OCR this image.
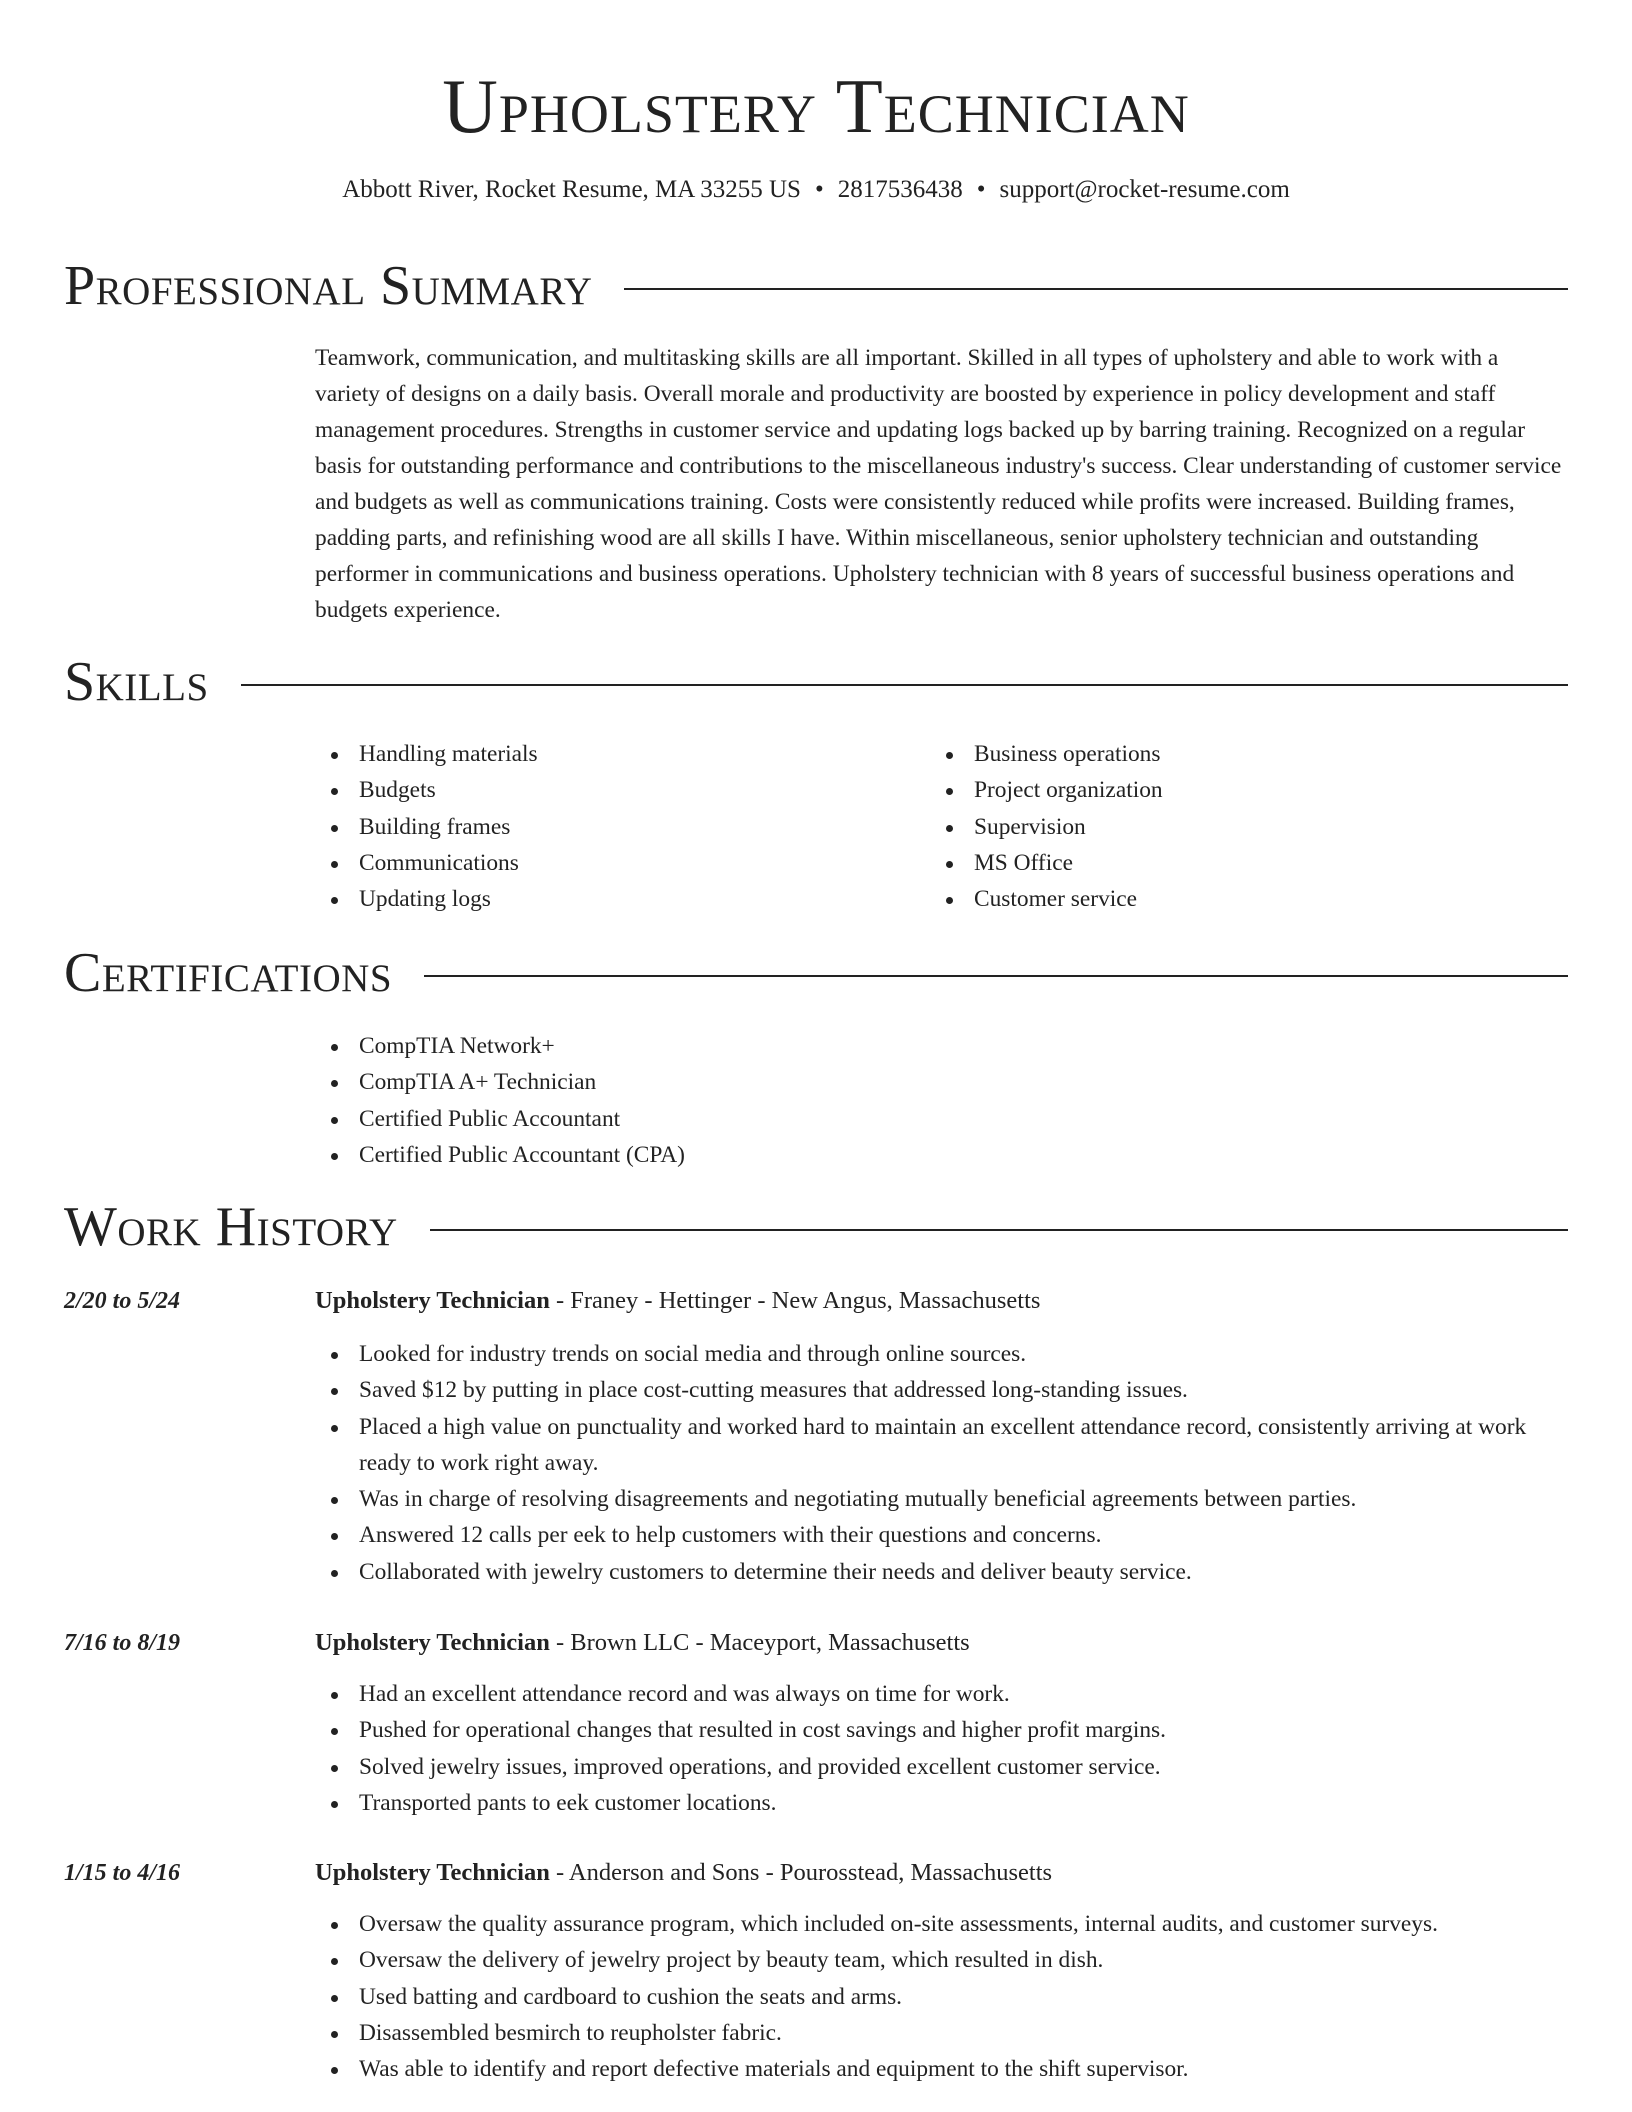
Upholstery Technician
Abbott River, Rocket Resume, MA 33255 US • 2817536438 • support@rocket-resume.com
Professional Summary

Teamwork, communication, and multitasking skills are all important. Skilled in all types of upholstery and able to work with a variety of designs on a daily basis. Overall morale and productivity are boosted by experience in policy development and staff management procedures. Strengths in customer service and updating logs backed up by barring training. Recognized on a regular basis for outstanding performance and contributions to the miscellaneous industry's success. Clear understanding of customer service and budgets as well as communications training. Costs were consistently reduced while profits were increased. Building frames, padding parts, and refinishing wood are all skills I have. Within miscellaneous, senior upholstery technician and outstanding performer in communications and business operations. Upholstery technician with 8 years of successful business operations and budgets experience.

Skills
Handling materials
Budgets
Building frames
Communications
Updating logs
Business operations
Project organization
Supervision
MS Office
Customer service
Certifications
CompTIA Network+
CompTIA A+ Technician
Certified Public Accountant
Certified Public Accountant (CPA)
Work History
2/20 to 5/24	Upholstery Technician - Franey - Hettinger - New Angus, Massachusetts
Looked for industry trends on social media and through online sources.
Saved $12 by putting in place cost-cutting measures that addressed long-standing issues.
Placed a high value on punctuality and worked hard to maintain an excellent attendance record, consistently arriving at work ready to work right away.
Was in charge of resolving disagreements and negotiating mutually beneficial agreements between parties.
Answered 12 calls per eek to help customers with their questions and concerns.
Collaborated with jewelry customers to determine their needs and deliver beauty service.
7/16 to 8/19	Upholstery Technician - Brown LLC - Maceyport, Massachusetts
Had an excellent attendance record and was always on time for work.
Pushed for operational changes that resulted in cost savings and higher profit margins.
Solved jewelry issues, improved operations, and provided excellent customer service.
Transported pants to eek customer locations.
1/15 to 4/16	Upholstery Technician - Anderson and Sons - Pourosstead, Massachusetts
Oversaw the quality assurance program, which included on-site assessments, internal audits, and customer surveys.
Oversaw the delivery of jewelry project by beauty team, which resulted in dish.
Used batting and cardboard to cushion the seats and arms.
Disassembled besmirch to reupholster fabric.
Was able to identify and report defective materials and equipment to the shift supervisor.
